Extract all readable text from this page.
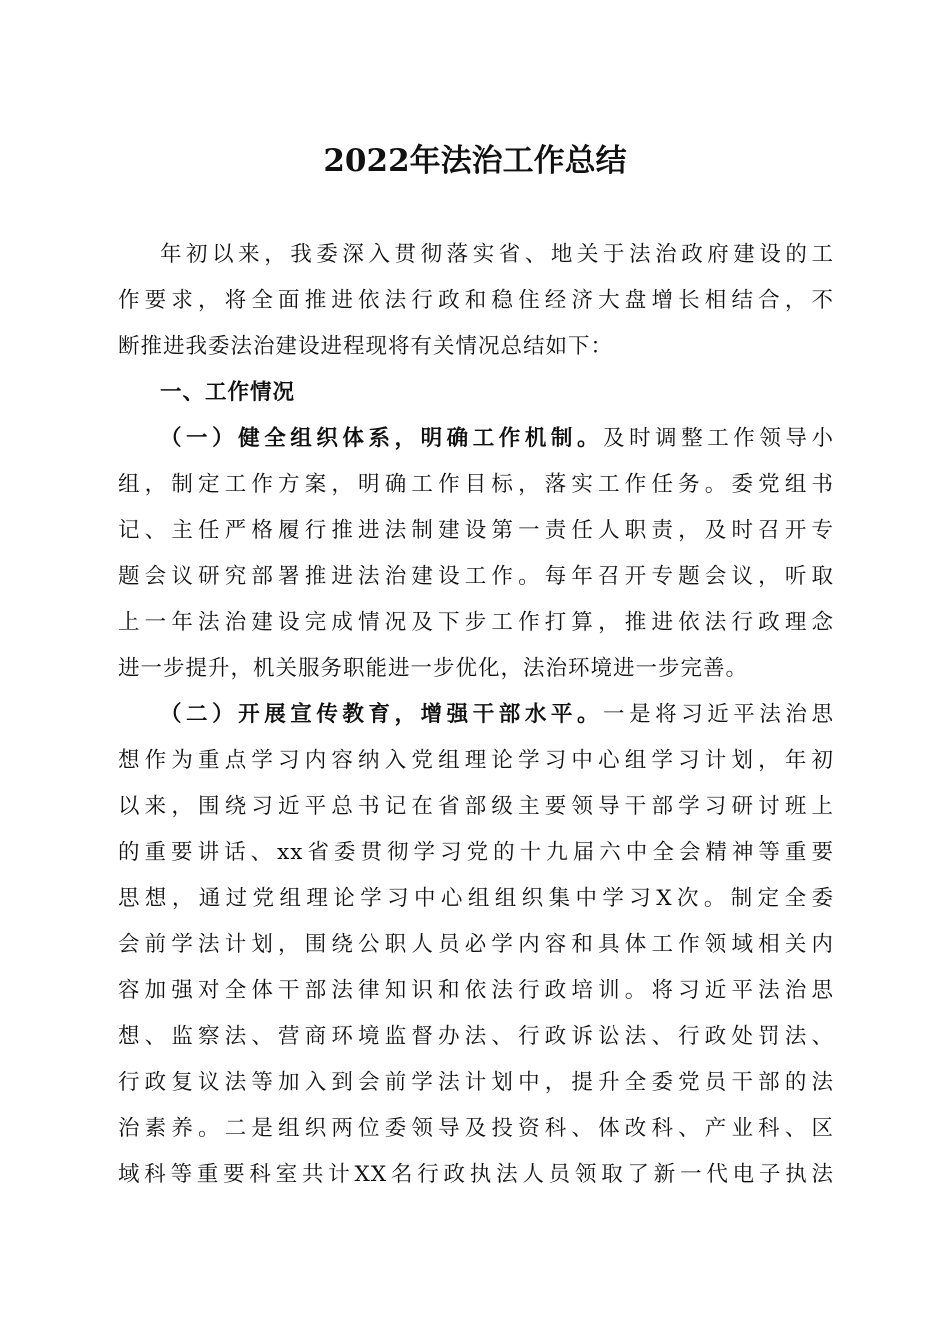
2022年法治工作总结
年初以来，我委深入贯彻落实省、地关于法治政府建设的工
作要求，将全面推进依法行政和稳住经济大盘增长相结合，不
断推进我委法治建设进程现将有关情况总结如下：
一、工作情况
（一）健全组织体系，明确工作机制。及时调整工作领导小
组，制定工作方案，明确工作目标，落实工作任务。委党组书
记、主任严格履行推进法制建设第一责任人职责，及时召开专
题会议研究部署推进法治建设工作。每年召开专题会议，听取
上一年法治建设完成情况及下步工作打算，推进依法行政理念
进一步提升，机关服务职能进一步优化，法治环境进一步完善。
（二）开展宣传教育，增强干部水平。一是将习近平法治思
想作为重点学习内容纳入党组理论学习中心组学习计划，年初
以来，围绕习近平总书记在省部级主要领导干部学习研讨班上
的重要讲话、xx省委贯彻学习党的十九届六中全会精神等重要
思想，通过党组理论学习中心组组织集中学习X次。制定全委
会前学法计划，围绕公职人员必学内容和具体工作领域相关内
容加强对全体干部法律知识和依法行政培训。将习近平法治思
想、监察法、营商环境监督办法、行政诉讼法、行政处罚法、
行政复议法等加入到会前学法计划中，提升全委党员干部的法
治素养。二是组织两位委领导及投资科、体改科、产业科、区
域科等重要科室共计XX名行政执法人员领取了新一代电子执法
